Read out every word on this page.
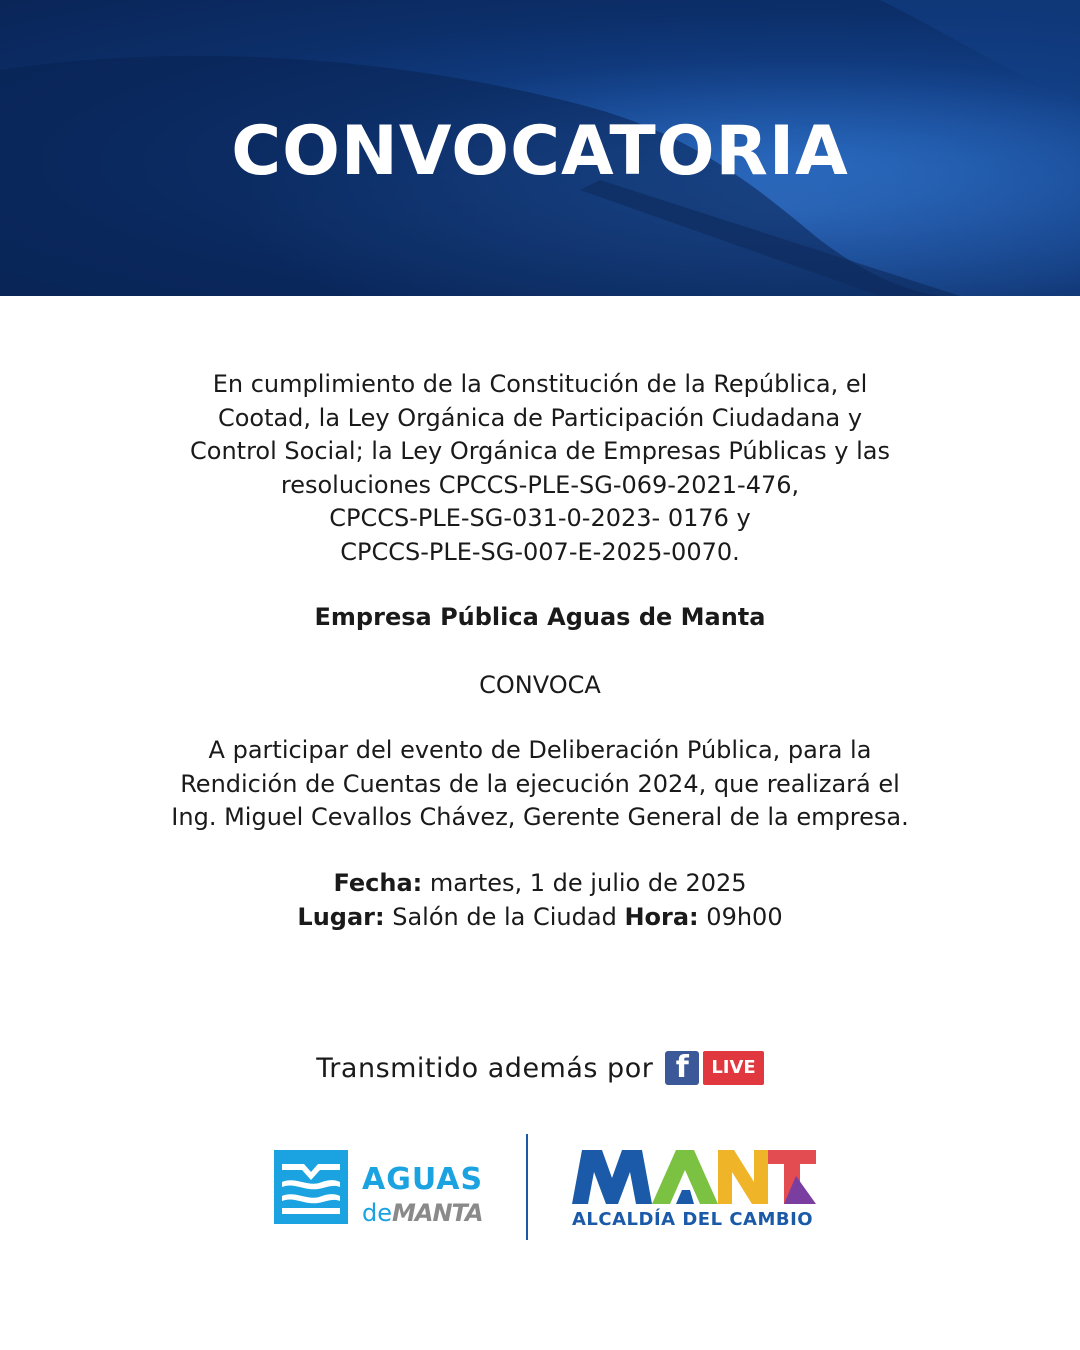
CONVOCATORIA
En cumplimiento de la Constitución de la República, el
Cootad, la Ley Orgánica de Participación Ciudadana y
Control Social; la Ley Orgánica de Empresas Públicas y las
resoluciones CPCCS-PLE-SG-069-2021-476,
CPCCS-PLE-SG-031-0-2023- 0176 y
CPCCS-PLE-SG-007-E-2025-0070.
Empresa Pública Aguas de Manta
CONVOCA
A participar del evento de Deliberación Pública, para la
Rendición de Cuentas de la ejecución 2024, que realizará el
Ing. Miguel Cevallos Chávez, Gerente General de la empresa.
Fecha: martes, 1 de julio de 2025
Lugar: Salón de la Ciudad Hora: 09h00
Transmitido además por f	LIVE
AGUAS
deMANTA	ALCALDÍA DEL CAMBIO
